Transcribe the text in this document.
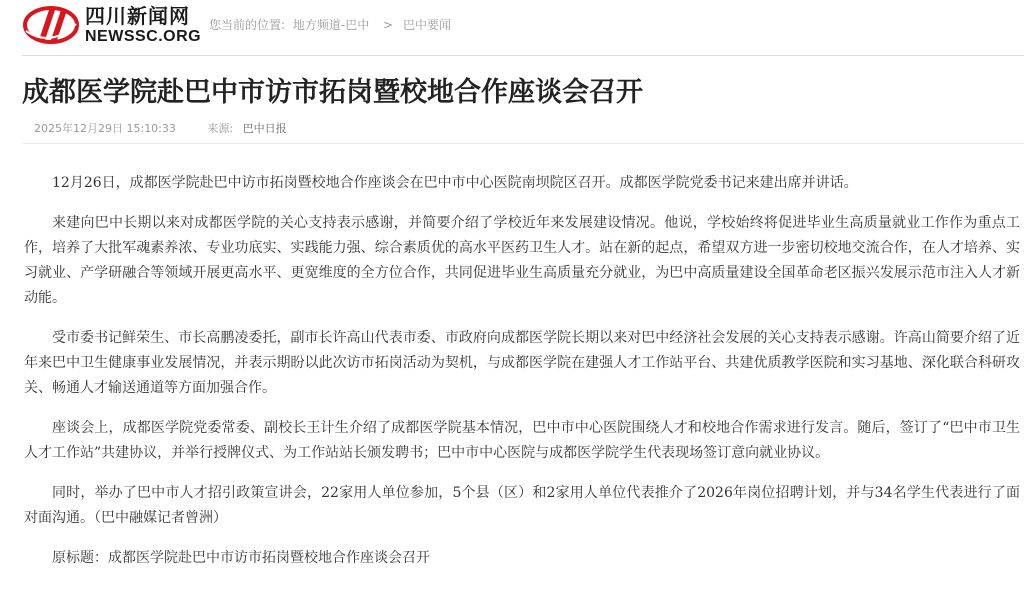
四川新闻网
NEWSSC.ORG
您当前的位置: 地方频道-巴中 > 巴中要闻
成都医学院赴巴中市访市拓岗暨校地合作座谈会召开
2025年12月29日 15:10:33	来源: 巴中日报

12月26日，成都医学院赴巴中访市拓岗暨校地合作座谈会在巴中市中心医院南坝院区召开。成都医学院党委书记来建出席并讲话。

来建向巴中长期以来对成都医学院的关心支持表示感谢，并简要介绍了学校近年来发展建设情况。他说，学校始终将促进毕业生高质量就业工作作为重点工作，培养了大批军魂素养浓、专业功底实、实践能力强、综合素质优的高水平医药卫生人才。站在新的起点，希望双方进一步密切校地交流合作，在人才培养、实习就业、产学研融合等领域开展更高水平、更宽维度的全方位合作，共同促进毕业生高质量充分就业，为巴中高质量建设全国革命老区振兴发展示范市注入人才新动能。

受市委书记鲜荣生、市长高鹏凌委托，副市长许高山代表市委、市政府向成都医学院长期以来对巴中经济社会发展的关心支持表示感谢。许高山简要介绍了近年来巴中卫生健康事业发展情况，并表示期盼以此次访市拓岗活动为契机，与成都医学院在建强人才工作站平台、共建优质教学医院和实习基地、深化联合科研攻关、畅通人才输送通道等方面加强合作。

座谈会上，成都医学院党委常委、副校长王计生介绍了成都医学院基本情况，巴中市中心医院围绕人才和校地合作需求进行发言。随后，签订了“巴中市卫生人才工作站”共建协议，并举行授牌仪式、为工作站站长颁发聘书；巴中市中心医院与成都医学院学生代表现场签订意向就业协议。

同时，举办了巴中市人才招引政策宣讲会，22家用人单位参加，5个县（区）和2家用人单位代表推介了2026年岗位招聘计划，并与34名学生代表进行了面对面沟通。（巴中融媒记者曾洲）

原标题：成都医学院赴巴中市访市拓岗暨校地合作座谈会召开
